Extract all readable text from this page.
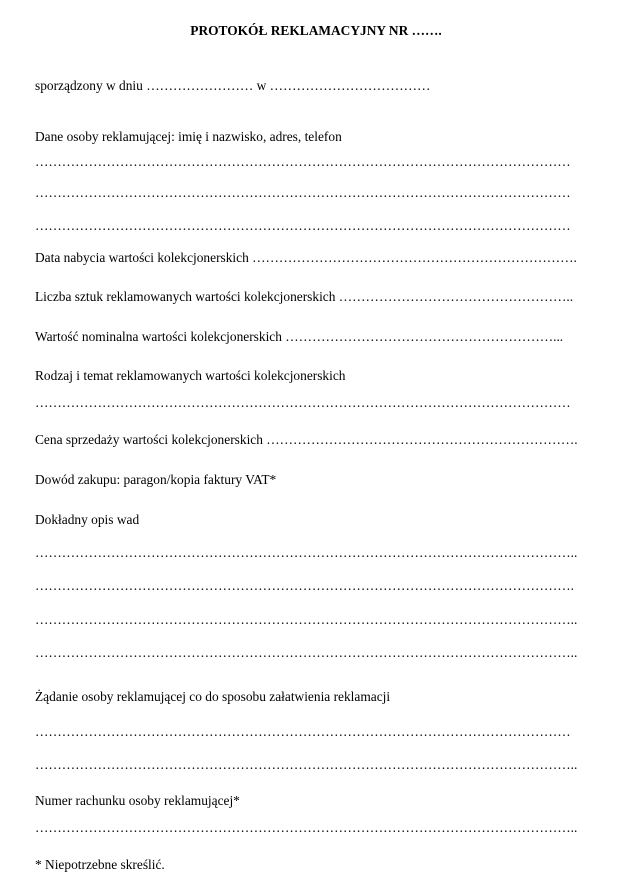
PROTOKÓŁ REKLAMACYJNY NR …….
sporządzony w dniu …………………… w ………………………………
Dane osoby reklamującej: imię i nazwisko, adres, telefon
…………………………………………………………………………………………………………
…………………………………………………………………………………………………………
…………………………………………………………………………………………………………
Data nabycia wartości kolekcjonerskich ……………………………………………………………….
Liczba sztuk reklamowanych wartości kolekcjonerskich ……………………………………………..
Wartość nominalna wartości kolekcjonerskich ……………………………………………………...
Rodzaj i temat reklamowanych wartości kolekcjonerskich
…………………………………………………………………………………………………………
Cena sprzedaży wartości kolekcjonerskich …………………………………………………………….
Dowód zakupu: paragon/kopia faktury VAT*
Dokładny opis wad
…………………………………………………………………………………………………………..
………………………………………………………………………………………………………….
…………………………………………………………………………………………………………..
…………………………………………………………………………………………………………..
Żądanie osoby reklamującej co do sposobu załatwienia reklamacji
…………………………………………………………………………………………………………
…………………………………………………………………………………………………………..
Numer rachunku osoby reklamującej*
…………………………………………………………………………………………………………..
* Niepotrzebne skreślić.
